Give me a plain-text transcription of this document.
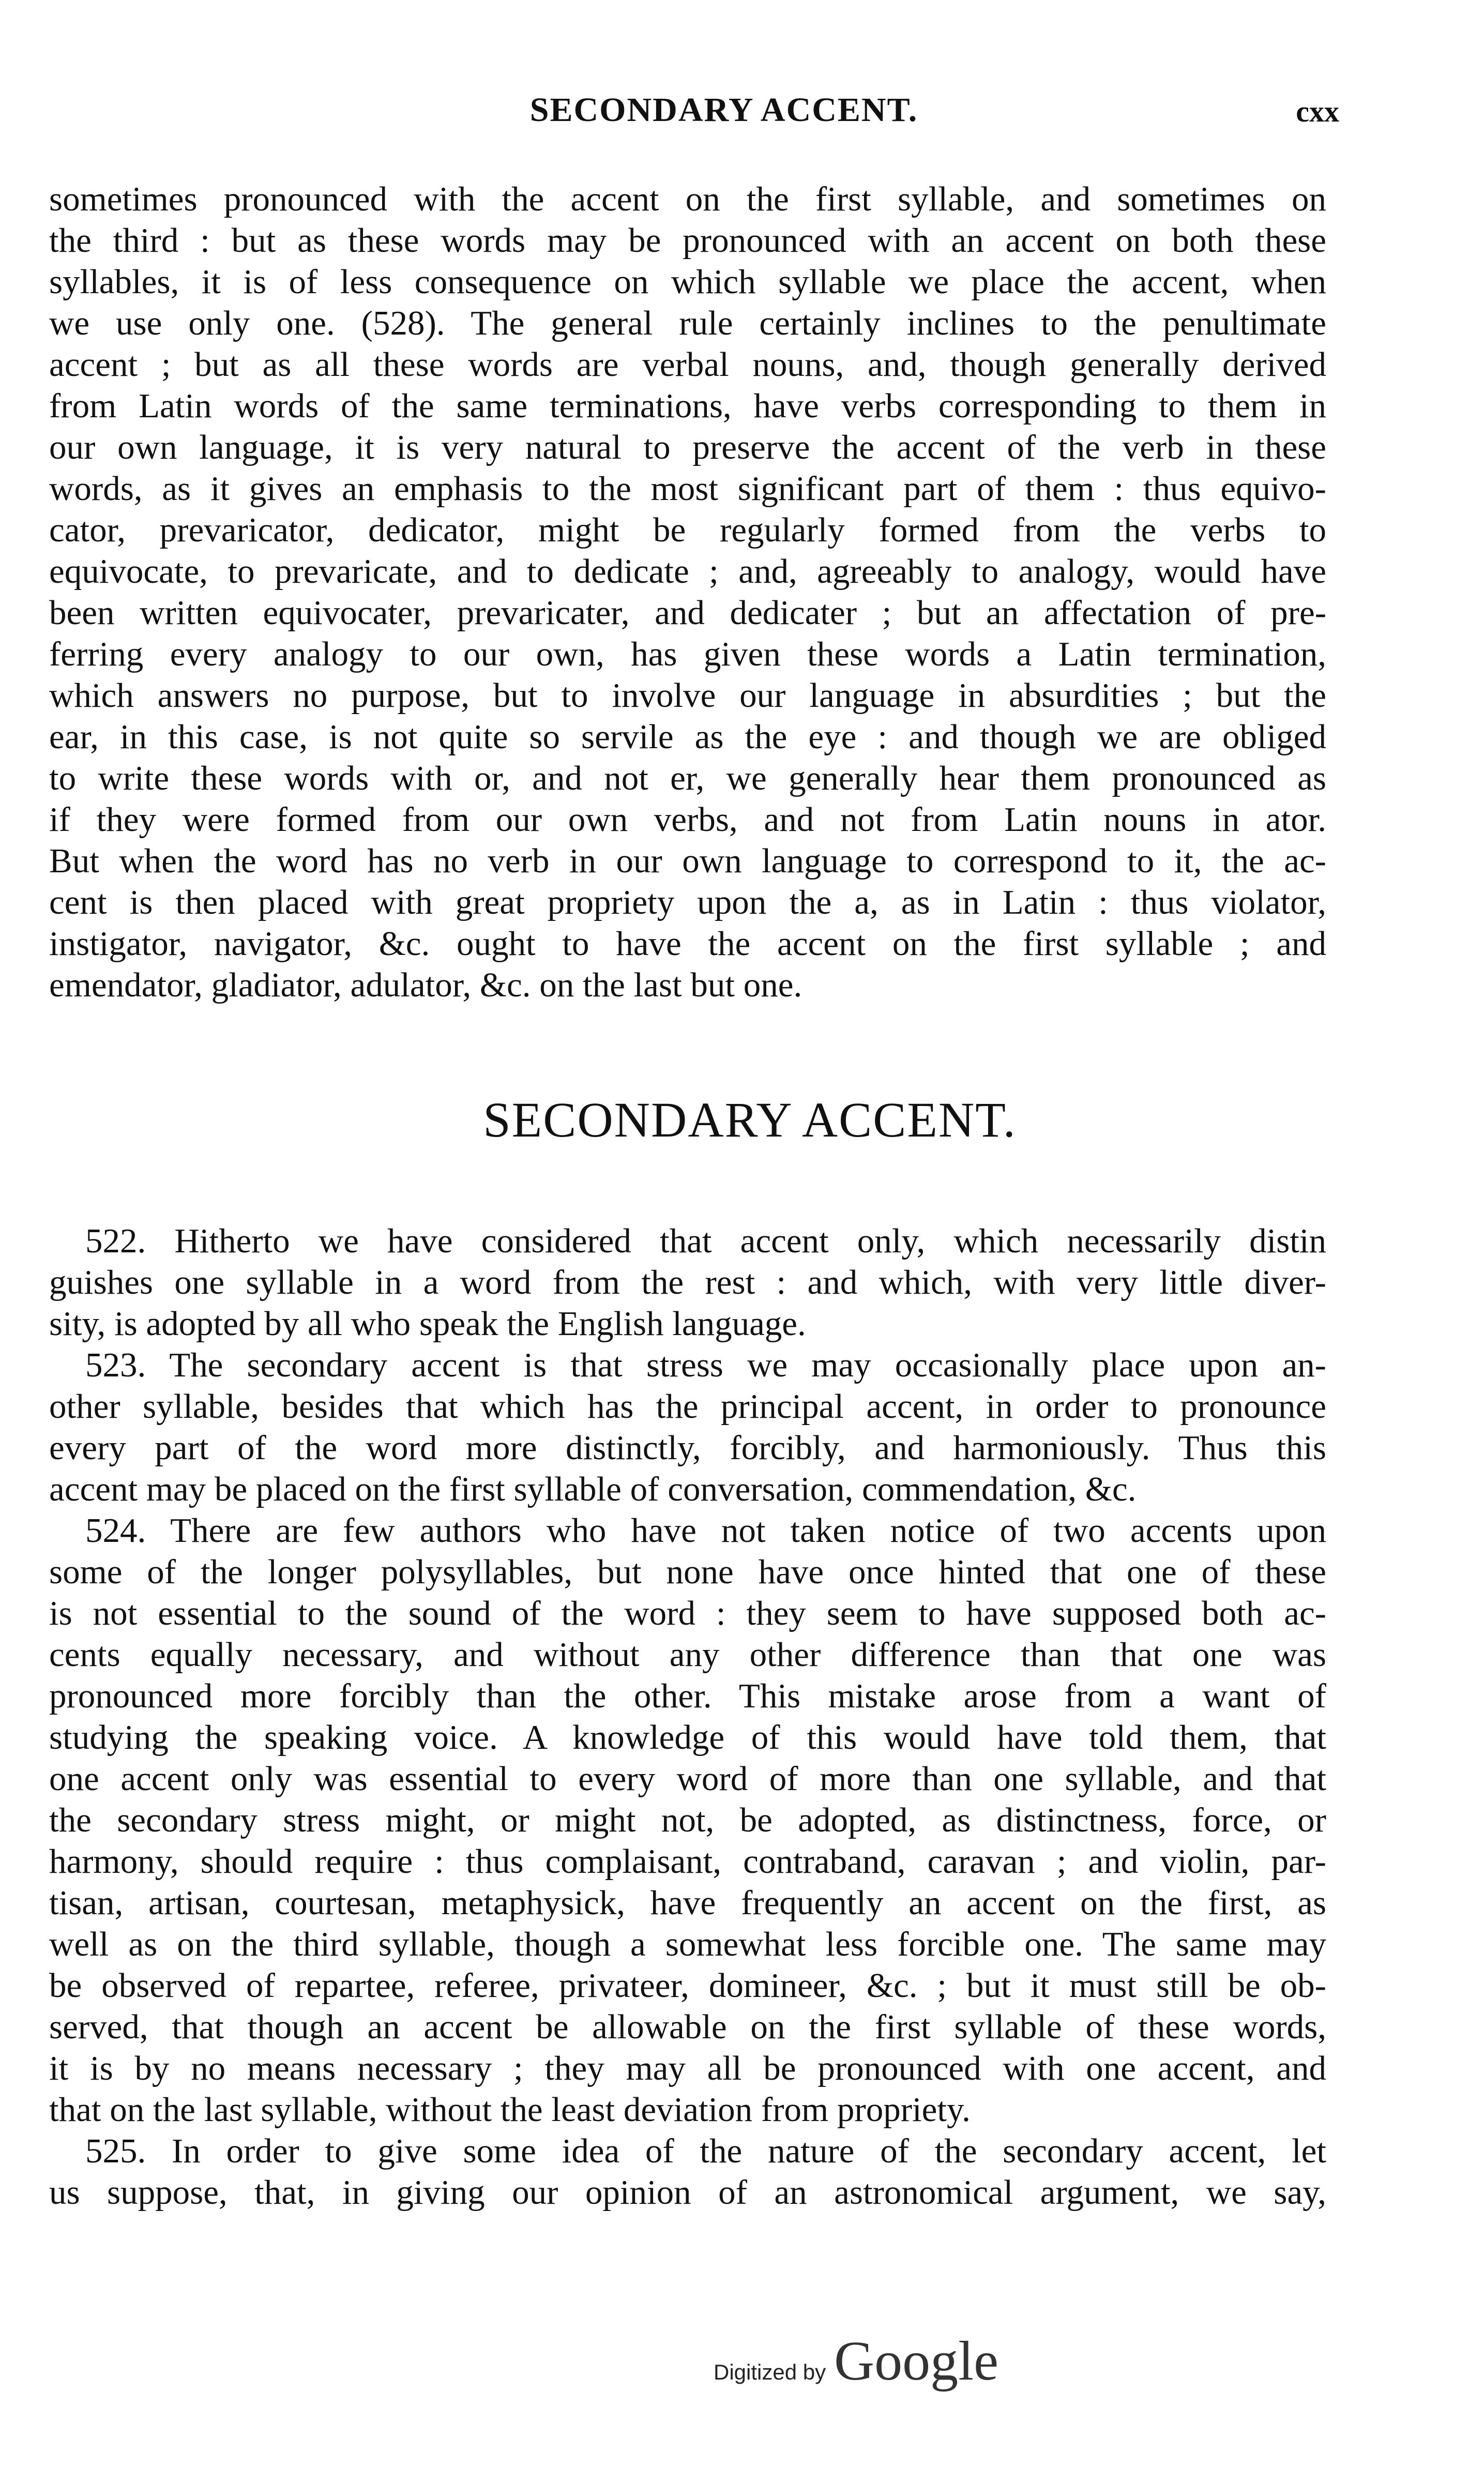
SECONDARY ACCENT.	cxx
sometimes pronounced with the accent on the first syllable, and sometimes on
the third : but as these words may be pronounced with an accent on both these
syllables, it is of less consequence on which syllable we place the accent, when
we use only one. (528). The general rule certainly inclines to the penultimate
accent ; but as all these words are verbal nouns, and, though generally derived
from Latin words of the same terminations, have verbs corresponding to them in
our own language, it is very natural to preserve the accent of the verb in these
words, as it gives an emphasis to the most significant part of them : thus equivo-
cator, prevaricator, dedicator, might be regularly formed from the verbs to
equivocate, to prevaricate, and to dedicate ; and, agreeably to analogy, would have
been written equivocater, prevaricater, and dedicater ; but an affectation of pre-
ferring every analogy to our own, has given these words a Latin termination,
which answers no purpose, but to involve our language in absurdities ; but the
ear, in this case, is not quite so servile as the eye : and though we are obliged
to write these words with or, and not er, we generally hear them pronounced as
if they were formed from our own verbs, and not from Latin nouns in ator.
But when the word has no verb in our own language to correspond to it, the ac-
cent is then placed with great propriety upon the a, as in Latin : thus violator,
instigator, navigator, &c. ought to have the accent on the first syllable ; and
emendator, gladiator, adulator, &c. on the last but one.
SECONDARY ACCENT.
522. Hitherto we have considered that accent only, which necessarily distin
guishes one syllable in a word from the rest : and which, with very little diver-
sity, is adopted by all who speak the English language.
523. The secondary accent is that stress we may occasionally place upon an-
other syllable, besides that which has the principal accent, in order to pronounce
every part of the word more distinctly, forcibly, and harmoniously. Thus this
accent may be placed on the first syllable of conversation, commendation, &c.
524. There are few authors who have not taken notice of two accents upon
some of the longer polysyllables, but none have once hinted that one of these
is not essential to the sound of the word : they seem to have supposed both ac-
cents equally necessary, and without any other difference than that one was
pronounced more forcibly than the other. This mistake arose from a want of
studying the speaking voice. A knowledge of this would have told them, that
one accent only was essential to every word of more than one syllable, and that
the secondary stress might, or might not, be adopted, as distinctness, force, or
harmony, should require : thus complaisant, contraband, caravan ; and violin, par-
tisan, artisan, courtesan, metaphysick, have frequently an accent on the first, as
well as on the third syllable, though a somewhat less forcible one. The same may
be observed of repartee, referee, privateer, domineer, &c. ; but it must still be ob-
served, that though an accent be allowable on the first syllable of these words,
it is by no means necessary ; they may all be pronounced with one accent, and
that on the last syllable, without the least deviation from propriety.
525. In order to give some idea of the nature of the secondary accent, let
us suppose, that, in giving our opinion of an astronomical argument, we say,
Digitized by Google
